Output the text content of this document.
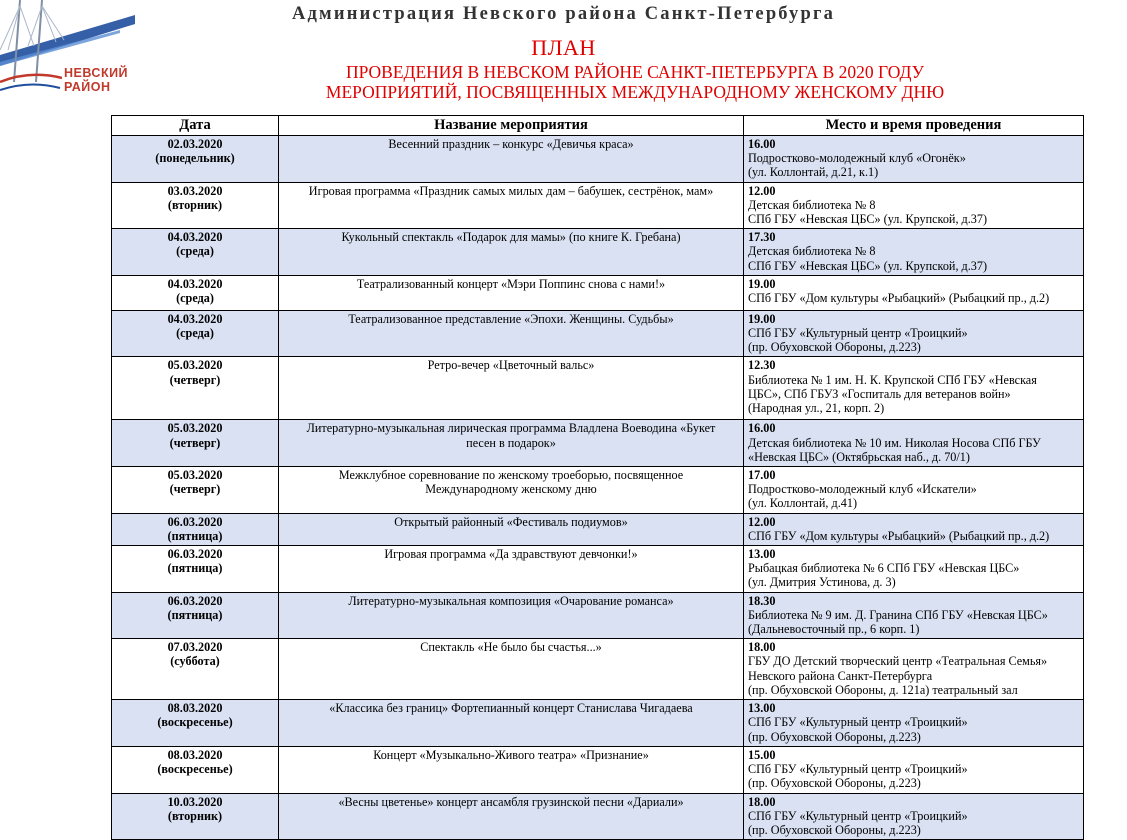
НЕВСКИЙ
РАЙОН
Администрация Невского района Санкт-Петербурга
ПЛАН
ПРОВЕДЕНИЯ В НЕВСКОМ РАЙОНЕ САНКТ-ПЕТЕРБУРГА В 2020 ГОДУ
МЕРОПРИЯТИЙ, ПОСВЯЩЕННЫХ МЕЖДУНАРОДНОМУ ЖЕНСКОМУ ДНЮ
Дата	Название мероприятия	Место и время проведения

02.03.2020
(понедельник)	Весенний праздник – конкурс «Девичья краса»	16.00
Подростково-молодежный клуб «Огонёк»
(ул. Коллонтай, д.21, к.1)

03.03.2020
(вторник)	Игровая программа «Праздник самых милых дам – бабушек, сестрёнок, мам»	12.00
Детская библиотека № 8
СПб ГБУ «Невская ЦБС» (ул. Крупской, д.37)

04.03.2020
(среда)	Кукольный спектакль «Подарок для мамы» (по книге К. Гребана)	17.30
Детская библиотека № 8
СПб ГБУ «Невская ЦБС» (ул. Крупской, д.37)

04.03.2020
(среда)	Театрализованный концерт «Мэри Поппинс снова с нами!»	19.00
СПб ГБУ «Дом культуры «Рыбацкий» (Рыбацкий пр., д.2)

04.03.2020
(среда)	Театрализованное представление «Эпохи. Женщины. Судьбы»	19.00
СПб ГБУ «Культурный центр «Троицкий»
(пр. Обуховской Обороны, д.223)

05.03.2020
(четверг)	Ретро-вечер «Цветочный вальс»	12.30
Библиотека № 1 им. Н. К. Крупской СПб ГБУ «Невская
ЦБС», СПб ГБУЗ «Госпиталь для ветеранов войн»
(Народная ул., 21, корп. 2)

05.03.2020
(четверг)	Литературно-музыкальная лирическая программа Владлена Воеводина «Букет
песен в подарок»	16.00
Детская библиотека № 10 им. Николая Носова СПб ГБУ
«Невская ЦБС» (Октябрьская наб., д. 70/1)

05.03.2020
(четверг)	Межклубное соревнование по женскому троеборью, посвященное
Международному женскому дню	17.00
Подростково-молодежный клуб «Искатели»
(ул. Коллонтай, д.41)

06.03.2020
(пятница)	Открытый районный «Фестиваль подиумов»	12.00
СПб ГБУ «Дом культуры «Рыбацкий» (Рыбацкий пр., д.2)

06.03.2020
(пятница)	Игровая программа «Да здравствуют девчонки!»	13.00
Рыбацкая библиотека № 6 СПб ГБУ «Невская ЦБС»
(ул. Дмитрия Устинова, д. 3)

06.03.2020
(пятница)	Литературно-музыкальная композиция «Очарование романса»	18.30
Библиотека № 9 им. Д. Гранина СПб ГБУ «Невская ЦБС»
(Дальневосточный пр., 6 корп. 1)

07.03.2020
(суббота)	Спектакль «Не было бы счастья...»	18.00
ГБУ ДО Детский творческий центр «Театральная Семья»
Невского района Санкт-Петербурга
(пр. Обуховской Обороны, д. 121а) театральный зал

08.03.2020
(воскресенье)	«Классика без границ» Фортепианный концерт Станислава Чигадаева	13.00
СПб ГБУ «Культурный центр «Троицкий»
(пр. Обуховской Обороны, д.223)

08.03.2020
(воскресенье)	Концерт «Музыкально-Живого театра» «Признание»	15.00
СПб ГБУ «Культурный центр «Троицкий»
(пр. Обуховской Обороны, д.223)

10.03.2020
(вторник)	«Весны цветенье» концерт ансамбля грузинской песни «Дариали»	18.00
СПб ГБУ «Культурный центр «Троицкий»
(пр. Обуховской Обороны, д.223)
